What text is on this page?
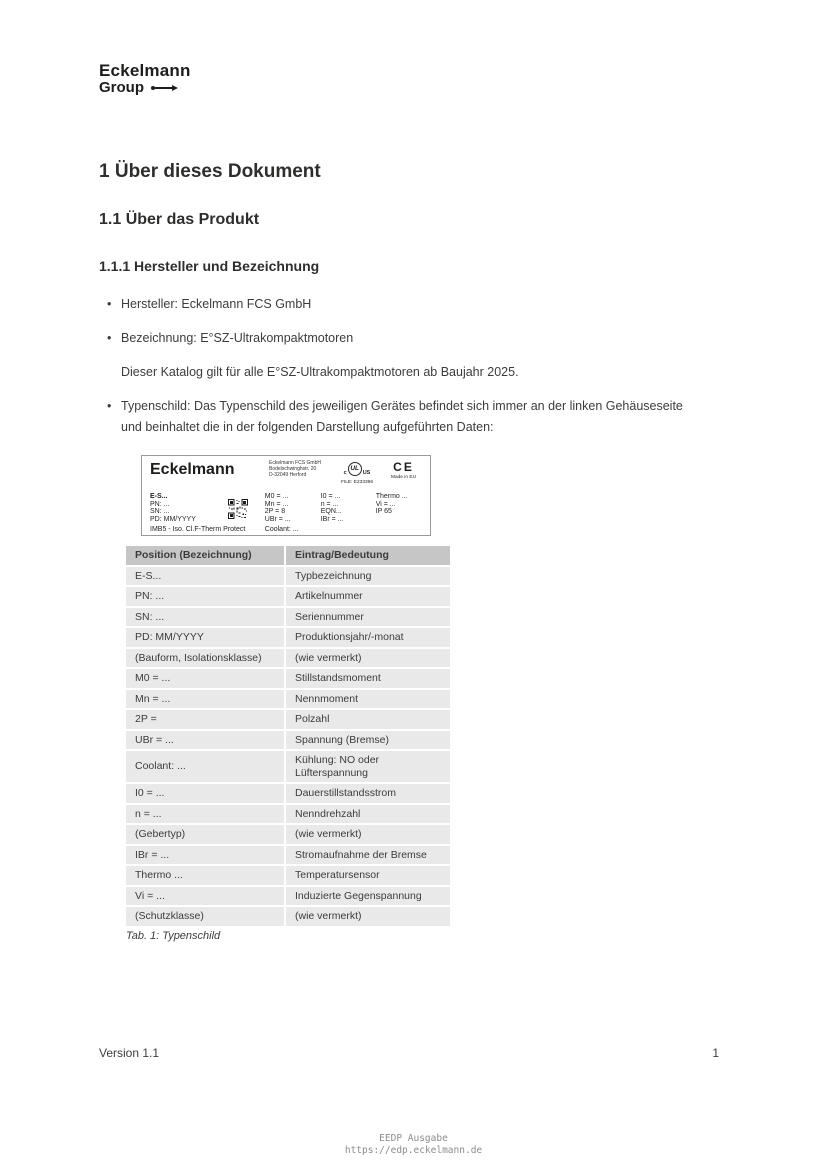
Eckelmann
Group
1 Über dieses Dokument
1.1 Über das Produkt
1.1.1 Hersteller und Bezeichnung
•
Hersteller: Eckelmann FCS GmbH
•
Bezeichnung: E°SZ-Ultrakompaktmotoren

Dieser Katalog gilt für alle E°SZ-Ultrakompaktmotoren ab Baujahr 2025.

•
Typenschild: Das Typenschild des jeweiligen Gerätes befindet sich immer an der linken Gehäuseseite und beinhaltet die in der folgenden Darstellung aufgeführten Daten:
Eckelmann	Eckelmann FCS GmbH
Bodelschwinghstr. 20
D-32049 Herford	c
UL
US
FILE: E233396
CE
Made in EU
E-S...
PN: ...
SN: ...
PD: MM/YYYY
IMB5 - Iso. Cl.F-Therm Protect
M0 = ...
Mn = ...
2P = 8
UBr = ...
Coolant: ...
I0 = ...
n = ...
EQN...
IBr = ...
Thermo ...
Vi = ...
IP 65
Position (Bezeichnung)	Eintrag/Bedeutung
E-S...	Typbezeichnung
PN: ...	Artikelnummer
SN: ...	Seriennummer
PD: MM/YYYY	Produktionsjahr/-monat
(Bauform, Isolationsklasse)	(wie vermerkt)
M0 = ...	Stillstandsmoment
Mn = ...	Nennmoment
2P =	Polzahl
UBr = ...	Spannung (Bremse)
Coolant: ...	Kühlung: NO oder Lüfterspannung
I0 = ...	Dauerstillstandsstrom
n = ...	Nenndrehzahl
(Gebertyp)	(wie vermerkt)
IBr = ...	Stromaufnahme der Bremse
Thermo ...	Temperatursensor
Vi = ...	Induzierte Gegenspannung
(Schutzklasse)	(wie vermerkt)
Tab. 1: Typenschild
Version 1.1	1
EEDP Ausgabe
https://edp.eckelmann.de
